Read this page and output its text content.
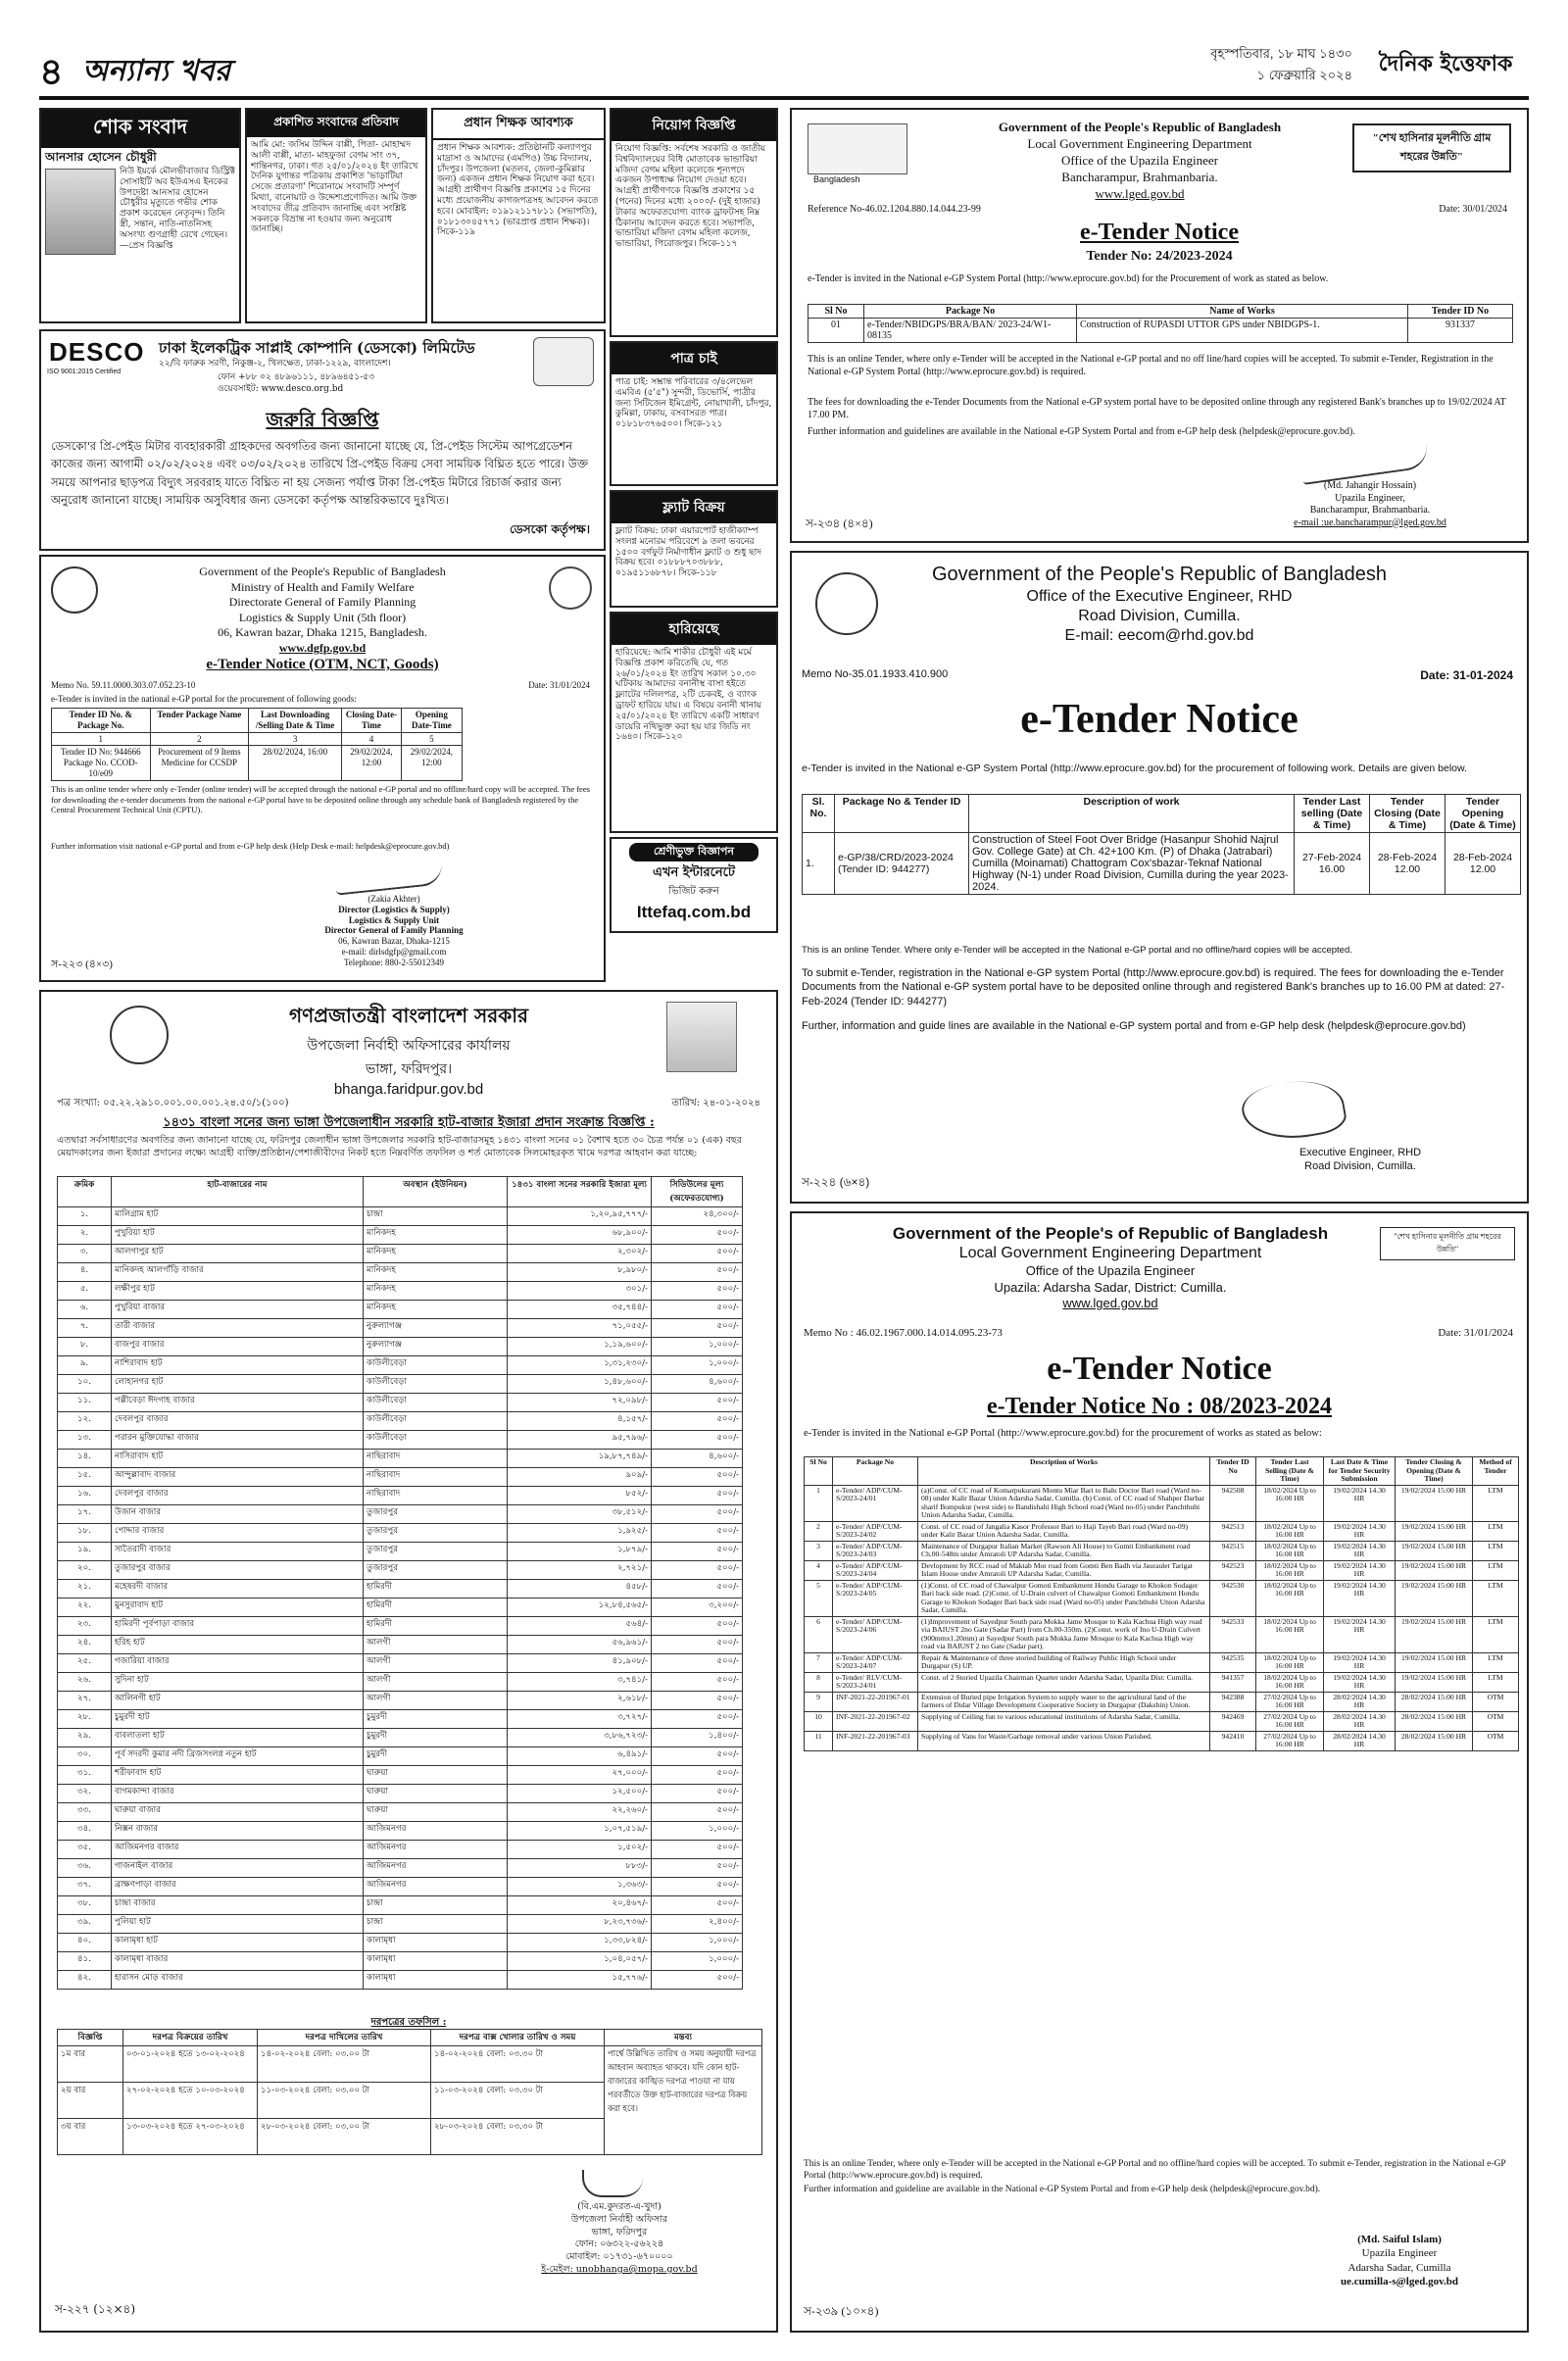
৪ অন্যান্য খবর
বৃহস্পতিবার, ১৮ মাঘ ১৪৩০
১ ফেব্রুয়ারি ২০২৪	দৈনিক ইত্তেফাক
শোক সংবাদ
আনসার হোসেন চৌধুরী
নিউ ইয়র্কে মৌলভীবাজার ডিস্ট্রিক্ট সোসাইটি অব ইউএসএ ইনকের উপদেষ্টা আনসার হোসেন চৌধুরীর মৃত্যুতে গভীর শোক প্রকাশ করেছেন নেতৃবৃন্দ। তিনি স্ত্রী, সন্তান, নাতি-নাতনিসহ অসংখ্য গুণগ্রাহী রেখে গেছেন। —প্রেস বিজ্ঞপ্তি
প্রকাশিত সংবাদের প্রতিবাদ
আমি মো: জসিম উদ্দিন বাপ্পী, পিতা- মোহাম্মদ আলী বাপ্পী, মাতা- মাহফুজা বেগম সাং ৩৭, শান্তিনগর, ঢাকা। গত ২৫/০১/২০২৪ ইং তারিখে দৈনিক যুগান্তর পত্রিকায় প্রকাশিত 'ভাড়াটিয়া সেজে প্রতারণা' শিরোনামে সংবাদটি সম্পূর্ণ মিথ্যা, বানোয়াট ও উদ্দেশ্যপ্রণোদিত। আমি উক্ত সংবাদের তীব্র প্রতিবাদ জানাচ্ছি এবং সংশ্লিষ্ট সকলকে বিভ্রান্ত না হওয়ার জন্য অনুরোধ জানাচ্ছি।
প্রধান শিক্ষক আবশ্যক
প্রধান শিক্ষক আবশ্যক: প্রতিষ্ঠানটি কল্যাণপুর মাদ্রাসা ও আমাদের (এমপিও) উচ্চ বিদ্যালয়, চাঁদপুর। উপজেলা (মতলব, জেলা-কুমিল্লার জন্য) একজন প্রধান শিক্ষক নিয়োগ করা হবে। আগ্রহী প্রার্থীগণ বিজ্ঞপ্তি প্রকাশের ১৫ দিনের মধ্যে প্রয়োজনীয় কাগজপত্রসহ আবেদন করতে হবে। মোবাইল: ০১৯১২১১৭৮১১ (সভাপতি), ০১৮১৩০৪৫৭৭১ (ভারপ্রাপ্ত প্রধান শিক্ষক)। সিকে-১১৯
নিয়োগ বিজ্ঞপ্তি
নিয়োগ বিজ্ঞপ্তি: সর্বশেষ সরকারি ও জাতীয় বিশ্ববিদ্যালয়ের বিধি মোতাবেক ভান্ডারিয়া মজিদা বেগম মহিলা কলেজে শূন্যপদে একজন উপাধ্যক্ষ নিয়োগ দেওয়া হবে। আগ্রহী প্রার্থীগণকে বিজ্ঞপ্তি প্রকাশের ১৫ (পনের) দিনের মধ্যে ২০০০/- (দুই হাজার) টাকার অফেরতযোগ্য ব্যাংক ড্রাফটসহ নিম্ন ঠিকানায় আবেদন করতে হবে। সভাপতি, ভান্ডারিয়া মজিদা বেগম মহিলা কলেজ, ভান্ডারিয়া, পিরোজপুর। সিকে-১১৭
DESCO
ISO 9001:2015 Certified
ঢাকা ইলেকট্রিক সাপ্লাই কোম্পানি (ডেসকো) লিমিটেড
২২/বি ফারুক সরণী, নিকুঞ্জ-২, খিলক্ষেত, ঢাকা-১২২৯, বাংলাদেশ।
ফোন +৮৮ ০২ ৪৮৯৬১১১, ৪৮৯৬৪৫১-৫৩
ওয়েবসাইট: www.desco.org.bd
জরুরি বিজ্ঞপ্তি
ডেসকো'র প্রি-পেইড মিটার ব্যবহারকারী গ্রাহকদের অবগতির জন্য জানানো যাচ্ছে যে, প্রি-পেইড সিস্টেম আপগ্রেডেশন কাজের জন্য আগামী ০২/০২/২০২৪ এবং ০৩/০২/২০২৪ তারিখে প্রি-পেইড বিক্রয় সেবা সাময়িক বিঘ্নিত হতে পারে। উক্ত সময়ে আপনার ছাড়পত্র বিদ্যুৎ সরবরাহ যাতে বিঘ্নিত না হয় সেজন্য পর্যাপ্ত টাকা প্রি-পেইড মিটারে রিচার্জ করার জন্য অনুরোধ জানানো যাচ্ছে। সাময়িক অসুবিধার জন্য ডেসকো কর্তৃপক্ষ আন্তরিকভাবে দুঃখিত।
ডেসকো কর্তৃপক্ষ।
পাত্র চাই
পাত্র চাই: সম্ভ্রান্ত পরিবারের ৩/৪লেভেল এমবিএ (৫'৫") সুন্দরী, ডিভোর্সি, পাত্রীর জন্য সিটিজেন ইমিগ্রেন্ট, নোয়াখালী, চাঁদপুর, কুমিল্লা, ঢাকায়, বসবাসরত পাত্র। ০১৮১৮৩৭৬৫০০। সিকে-১২১
ফ্ল্যাট বিক্রয়
ফ্ল্যাট বিক্রয়: ঢাকা এয়ারপোর্ট হাজীক্যাম্প সংলগ্ন মনোরম পরিবেশে ৯ তলা ভবনের ১৫০০ বর্গফুট নির্মাণাধীন ফ্ল্যাট ও শুধু ছাদ বিক্রয় হবে। ০১৮৮৮৭০৩৮৮৮, ০১৯৫১১৬৮৭৮। সিকে-১১৮
হারিয়েছে
হারিয়েছে: আমি শাকীর চৌধুরী এই মর্মে বিজ্ঞপ্তি প্রকাশ করিতেছি যে, গত ২৬/০১/২০২৪ ইং তারিখ সকাল ১০.৩০ ঘটিকায় আমাদের বনানীস্থ বাসা হইতে ফ্ল্যাটের দলিলপত্র, ২টি চেকবই, ও ব্যাংক ড্রাফট হারিয়ে যায়। এ বিষয়ে বনানী থানায় ২৫/০১/২০২৪ ইং তারিখে একটি সাধারণ ডায়েরি নথিভুক্ত করা হয় যার জিডি নং ১৬৪০। সিকে-১২০
শ্রেণীভুক্ত বিজ্ঞাপন
এখন ইন্টারনেটে
ভিজিট করুন
Ittefaq.com.bd
Government of the People's Republic of Bangladesh
Ministry of Health and Family Welfare
Directorate General of Family Planning
Logistics & Supply Unit (5th floor)
06, Kawran bazar, Dhaka 1215, Bangladesh.
www.dgfp.gov.bd
e-Tender Notice (OTM, NCT, Goods)
Memo No. 59.11.0000.303.07.052.23-10	Date: 31/01/2024
e-Tender is invited in the national e-GP portal for the procurement of following goods:
Tender ID No. & Package No.	Tender Package Name	Last Downloading /Selling Date & Time	Closing Date-Time	Opening Date-Time
1	2	3	4	5
Tender ID No: 944666 Package No. CCOD-10/e09	Procurement of 9 Items Medicine for CCSDP	28/02/2024, 16:00	29/02/2024, 12:00	29/02/2024, 12:00
This is an online tender where only e-Tender (online tender) will be accepted through the national e-GP portal and no offline/hard copy will be accepted. The fees for downloading the e-tender documents from the national e-GP portal have to be deposited online through any schedule bank of Bangladesh registered by the Central Procurement Technical Unit (CPTU).
Further information visit national e-GP portal and from e-GP help desk (Help Desk e-mail: helpdesk@eprocure.gov.bd)
(Zakia Akhter)
Director (Logistics & Supply)
Logistics & Supply Unit
Director General of Family Planning
06, Kawran Bazar, Dhaka-1215
e-mail: dirlsdgfp@gmail.com
Telephone: 880-2-55012349
স-২২৩ (৪×৩)
গণপ্রজাতন্ত্রী বাংলাদেশ সরকার
উপজেলা নির্বাহী অফিসারের কার্যালয়
ভাঙ্গা, ফরিদপুর।
bhanga.faridpur.gov.bd
পত্র সংখ্যা: ০৫.২২.২৯১০.০০১.০০.০০১.২৪.৫০/১(১০০)	তারিখ: ২৪-০১-২০২৪
১৪৩১ বাংলা সনের জন্য ভাঙ্গা উপজেলাধীন সরকারি হাট-বাজার ইজারা প্রদান সংক্রান্ত বিজ্ঞপ্তি :
এতদ্বারা সর্বসাধারণের অবগতির জন্য জানানো যাচ্ছে যে, ফরিদপুর জেলাধীন ভাঙ্গা উপজেলার সরকারি হাট-বাজারসমূহ ১৪৩১ বাংলা সনের ০১ বৈশাখ হতে ৩০ চৈত্র পর্যন্ত ০১ (এক) বছর মেয়াদকালের জন্য ইজারা প্রদানের লক্ষ্যে আগ্রহী ব্যক্তি/প্রতিষ্ঠান/পেশাজীবীদের নিকট হতে নিম্নবর্ণিত তফসিল ও শর্ত মোতাবেক সিলমোহরকৃত খামে দরপত্র আহবান করা যাচ্ছে:
ক্রমিক	হাট-বাজারের নাম	অবস্থান (ইউনিয়ন)	১৪৩১ বাংলা সনের সরকারি ইজারা মূল্য	সিডিউলের মূল্য (অফেরতযোগ্য)
১.	মালিগ্রাম হাট	চান্দ্রা	১,২০,৯৫,৭৭৭/-	২৪,৩০০/-
২.	পুখুরিয়া হাট	মানিকদহ	৬৮,৯০০/-	৫০০/-
৩.	আলগাপুর হাট	মানিকদহ	২,৩০২/-	৫০০/-
৪.	মানিকদহ আলগাঁড়ি বাজার	মানিকদহ	৮,৯৮০/-	৫০০/-
৫.	লক্ষীপুর হাট	মানিকদহ	৩০১/-	৫০০/-
৬.	পুখুরিয়া বাজার	মানিকদহ	৩৫,৭৪৪/-	৫০০/-
৭.	তারী বাজার	নুরুল্যাগঞ্জ	৭১,০৫৫/-	৫০০/-
৮.	বাজপুর বাজার	নুরুল্যাগঞ্জ	১,১৯,৬০০/-	১,০০০/-
৯.	নাশিরাবাদ হাট	কাউলীবেড়া	১,৩১,২৩০/-	১,০০০/-
১০.	লোহানগর হাট	কাউলীবেড়া	১,৪৮,৬০০/-	৪,৬০০/-
১১.	পল্লীবেড়া ঈদগাহ বাজার	কাউলীবেড়া	৭২,০৯৮/-	৫০০/-
১২.	দেবলপুর বাজার	কাউলীবেড়া	৪,১৫৭/-	৫০০/-
১৩.	পরারন মুক্তিযোদ্ধা বাজার	কাউলীবেড়া	৯৫,৭৯৬/-	৫০০/-
১৪.	নাসিরাবাদ হাট	নাছিরাবাদ	১৯,৮৭,৭৪৯/-	৪,৬০০/-
১৫.	আন্দুল্লাবাদ বাজার	নাছিরাবাদ	৯০৯/-	৫০০/-
১৬.	দেবলপুর বাজার	নাছিরাবাদ	৮৫২/-	৫০০/-
১৭.	উজান বাজার	তুজারপুর	৩৮,৫১২/-	৫০০/-
১৮.	পোদ্দার বাজার	তুজারপুর	১,৯২৫/-	৫০০/-
১৯.	সাতৈরাদী বাজার	তুজারপুর	১,৮৭৯/-	৫০০/-
২০.	তুজারপুর বাজার	তুজারপুর	২,৭২১/-	৫০০/-
২১.	মহেষরদী বাজার	হামিরদী	৪৫৮/-	৫০০/-
২২.	মুনসুরাবাদ হাট	হামিরদী	১২,৮৪,৫৬৫/-	৩,২০০/-
২৩.	হামিরদী পূর্বপাড়া বাজার	হামিরদী	৫৬৪/-	৫০০/-
২৪.	হরিহ হাট	আলগী	৫৬,৯৬১/-	৫০০/-
২৫.	গজারিয়া বাজার	আলগী	৪১,৯০৮/-	৫০০/-
২৬.	সুদিনা হাট	আলগী	৩,৭৪১/-	৫০০/-
২৭.	আলিনগী হাট	আলগী	২,৬১৮/-	৫০০/-
২৮.	চুমুরদী হাট	চুমুরদী	৩,৭২৭/-	৫০০/-
২৯.	বাবলাতলা হাট	চুমুরদী	৩,৮৬,৭২৩/-	১,৪০০/-
৩০.	পূর্ব সদরদী কুমার নদী ব্রিজসংলগ্ন নতুন হাট	চুমুরদী	৬,৪৯১/-	৫০০/-
৩১.	শরীফাবাদ হাট	ঘারুয়া	২৭,০০০/-	৫০০/-
৩২.	বাগমকান্দা বাজার	ঘারুয়া	১২,৫০০/-	৫০০/-
৩৩.	ঘারুয়া বাজার	ঘারুয়া	২২,২৬০/-	৫০০/-
৩৪.	নিক্সন বাজার	আজিমনগর	১,০৭,৫১৯/-	১,০০০/-
৩৫.	আজিমনগর বাজার	আজিমনগর	১,৫০২/-	৫০০/-
৩৬.	গাজনাইল বাজার	আজিমনগর	৮৮৩/-	৫০০/-
৩৭.	ব্রাক্ষণপাড়া বাজার	আজিমনগর	১,৩৬৩/-	৫০০/-
৩৮.	চান্দ্রা বাজার	চান্দ্রা	২০,৪৬৭/-	৫০০/-
৩৯.	পুলিয়া হাট	চান্দ্রা	৮,২৩,৭৩৬/-	২,৪০০/-
৪০.	কালামৃধা হাট	কালামৃধা	১,৩৩,৮২৪/-	১,০০০/-
৪১.	কালামৃধা বাজার	কালামৃধা	১,০৪,০৫৭/-	১,০০০/-
৪২.	হারাসন মোড় বাজার	কালামৃধা	১৫,৭৭৬/-	৫০০/-
দরপত্রের তফসিল :
বিজ্ঞপ্তি	দরপত্র বিক্রয়ের তারিখ	দরপত্র দাখিলের তারিখ	দরপত্র বাক্স খোলার তারিখ ও সময়	মন্তব্য
১ম বার	০৩-০১-২০২৪ হতে ১৩-০২-২০২৪	১৪-০২-২০২৪ বেলা: ০৩.০০ টা	১৪-০২-২০২৪ বেলা: ০৩.৩০ টা	পার্শ্বে উল্লিখিত তারিখ ও সময় অনুযায়ী দরপত্র আহবান অব্যাহত থাকবে। যদি কোন হাট-বাজারের কাঙ্খিত দরপত্র পাওয়া না যায় পরবর্তীতে উক্ত হাট-বাজারের দরপত্র বিক্রয় করা হবে।
২য় বার	২৭-০২-২০২৪ হতে ১০-০৩-২০২৪	১১-০৩-২০২৪ বেলা: ০৩.০০ টা	১১-০৩-২০২৪ বেলা: ০৩.৩০ টা	
৩য় বার	১৩-০৩-২০২৪ হতে ২৭-০৩-২০২৪	২৮-০৩-২০২৪ বেলা: ০৩.০০ টা	২৮-০৩-২০২৪ বেলা: ০৩.৩০ টা	
(বি.এম.কুদরত-এ-খুদা)
উপজেলা নির্বাহী অফিসার
ভাঙ্গা, ফরিদপুর
ফোন: ০৬৩২২-৫৬২২৪
মোবাইল: ০১৭৩১-৬৭০০০০
ই-মেইল: unobhanga@mopa.gov.bd
স-২২৭ (১২×৪)
Bangladesh
Government of the People's Republic of Bangladesh
Local Government Engineering Department
Office of the Upazila Engineer
Bancharampur, Brahmanbaria.
www.lged.gov.bd
"শেখ হাসিনার মূলনীতি গ্রাম শহরের উন্নতি"
Reference No-46.02.1204.880.14.044.23-99	Date: 30/01/2024
e-Tender Notice
Tender No: 24/2023-2024
e-Tender is invited in the National e-GP System Portal (http://www.eprocure.gov.bd) for the Procurement of work as stated as below.
Sl No	Package No	Name of Works	Tender ID No
01	e-Tender/NBIDGPS/BRA/BAN/ 2023-24/W1-08135	Construction of RUPASDI UTTOR GPS under NBIDGPS-1.	931337
This is an online Tender, where only e-Tender will be accepted in the National e-GP portal and no off line/hard copies will be accepted. To submit e-Tender, Registration in the National e-GP System Portal (http://www.eprocure.gov.bd) is required.
The fees for downloading the e-Tender Documents from the National e-GP system portal have to be deposited online through any registered Bank's branches up to 19/02/2024 AT 17.00 PM.
Further information and guidelines are available in the National e-GP System Portal and from e-GP help desk (helpdesk@eprocure.gov.bd).
(Md. Jahangir Hossain)
Upazila Engineer,
Bancharampur, Brahmanbaria.
e-mail :ue.bancharampur@lged.gov.bd
স-২৩৪ (৪×৪)
Government of the People's Republic of Bangladesh
Office of the Executive Engineer, RHD
Road Division, Cumilla.
E-mail: eecom@rhd.gov.bd
Memo No-35.01.1933.410.900	Date: 31-01-2024
e-Tender Notice
e-Tender is invited in the National e-GP System Portal (http://www.eprocure.gov.bd) for the procurement of following work. Details are given below.
Sl. No.	Package No & Tender ID	Description of work	Tender Last selling (Date & Time)	Tender Closing (Date & Time)	Tender Opening (Date & Time)
1.	e-GP/38/CRD/2023-2024 (Tender ID: 944277)	Construction of Steel Foot Over Bridge (Hasanpur Shohid Najrul Gov. College Gate) at Ch. 42+100 Km. (P) of Dhaka (Jatrabari) Cumilla (Moinamati) Chattogram Cox'sbazar-Teknaf National Highway (N-1) under Road Division, Cumilla during the year 2023-2024.	27-Feb-2024 16.00	28-Feb-2024 12.00	28-Feb-2024 12.00
This is an online Tender. Where only e-Tender will be accepted in the National e-GP portal and no offline/hard copies will be accepted.
To submit e-Tender, registration in the National e-GP system Portal (http://www.eprocure.gov.bd) is required. The fees for downloading the e-Tender Documents from the National e-GP system portal have to be deposited online through and registered Bank's branches up to 16.00 PM at dated: 27-Feb-2024 (Tender ID: 944277)
Further, information and guide lines are available in the National e-GP system portal and from e-GP help desk (helpdesk@eprocure.gov.bd)
Executive Engineer, RHD
Road Division, Cumilla.
স-২২৪ (৬×৪)
Government of the People's of Republic of Bangladesh
Local Government Engineering Department
Office of the Upazila Engineer
Upazila: Adarsha Sadar, District: Cumilla.
www.lged.gov.bd
"শেখ হাসিনার মূলনীতি গ্রাম শহরের উন্নতি"
Memo No : 46.02.1967.000.14.014.095.23-73	Date: 31/01/2024
e-Tender Notice
e-Tender Notice No : 08/2023-2024
e-Tender is invited in the National e-GP Portal (http://www.eprocure.gov.bd) for the procurement of works as stated as below:
Sl No	Package No	Description of Works	Tender ID No	Tender Last Selling (Date & Time)	Last Date & Time for Tender Security Submission	Tender Closing & Opening (Date & Time)	Method of Tender
1	e-Tender/ ADP/CUM-S/2023-24/01	(a)Const. of CC road of Komarpukurani Montu Miar Bari to Balu Doctor Bari road (Ward no-08) under Kalir Bazar Union Adarsha Sadar, Cumilla. (b) Const. of CC road of Shahper Darbar sharif Bompukur (west side) to Bandishahi High School road (Ward no-05) under Panchthubi Union Adarsha Sadar, Cumilla.	942508	18/02/2024 Up to 16:00 HR	19/02/2024 14.30 HR	19/02/2024 15:00 HR	LTM
2	e-Tender/ ADP/CUM-S/2023-24/02	Const. of CC road of Jangalia Kasor Professor Bari to Haji Tayeb Bari road (Ward no-09) under Kalir Bazar Union Adarsha Sadar, Cumilla.	942513	18/02/2024 Up to 16:00 HR	19/02/2024 14.30 HR	19/02/2024 15:00 HR	LTM
3	e-Tender/ ADP/CUM-S/2023-24/03	Maintenance of Durgapur Italian Market (Rawson Ali House) to Gumti Embankment road Ch.00-548m under Amratoli UP Adarsha Sadar, Cumilla.	942515	18/02/2024 Up to 16:00 HR	19/02/2024 14.30 HR	19/02/2024 15.00 HR	LTM
4	e-Tender/ ADP/CUM-S/2023-24/04	Devlopment by RCC road of Maktab Mor road from Gomti Ben Badh via Jauraulet Tarigat Islam House under Amratoli UP Adarsha Sadar, Cumilla.	942523	18/02/2024 Up to 16:00 HR	19/02/2024 14.30 HR	19/02/2024 15:00 HR	LTM
5	e-Tender/ ADP/CUM-S/2023-24/05	(1)Const. of CC road of Chawalpur Gomoti Embankment Hondu Garage to Khokon Sodager Bari back side road. (2)Const. of U-Drain culvert of Chawalpur Gomoti Embankment Hondu Garage to Khokon Sodager Bari back side road (Ward no-05) under Panchthubi Union Adarsha Sadar, Cumilla.	942530	18/02/2024 Up to 16:00 HR	19/02/2024 14.30 HR	19/02/2024 15:00 HR	LTM
6	e-Tender/ ADP/CUM-S/2023-24/06	(1)Improvement of Sayedpur South para Mokka Jame Mosque to Kala Kachua High way road via BAIUST 2no Gate (Sadar Part) from Ch.00-350m. (2)Const. work of Ino U-Drain Culvert (900mmx1.20mm) at Sayedpur South para Mokka Jame Mosque to Kala Kachua High way road via BAIUST 2 no Gate (Sadar part).	942533	18/02/2024 Up to 16:00 HR	19/02/2024 14.30 HR	19/02/2024 15.00 HR	LTM
7	e-Tender/ ADP/CUM-S/2023-24/07	Repair & Maintenance of three storied building of Railway Public High School under Durgapur (S) UP.	942535	18/02/2024 Up to 16:00 HR	19/02/2024 14.30 HR	19/02/2024 15.00 HR	LTM
8	e-Tender/ RLV/CUM-S/2023-24/01	Const. of 2 Storied Upazila Chairman Quarter under Adarsha Sadar, Upazila Dist: Cumilla.	941357	18/02/2024 Up to 16:00 HR	19/02/2024 14.30 HR	19/02/2024 15:00 HR	LTM
9	INF-2021-22-201967-01	Extension of Buried pipe Irrigation System to supply water to the agricultural land of the farmers of Didar Village Development Cooperative Society in Durgapur (Dakshin) Union.	942388	27/02/2024 Up to 16:00 HR	28/02/2024 14.30 HR	28/02/2024 15:00 HR	OTM
10	INF-2021-22-201967-02	Supplying of Ceiling fun to various educational institutions of Adarsha Sadar, Cumilla.	942469	27/02/2024 Up to 16:00 HR	28/02/2024 14.30 HR	28/02/2024 15:00 HR	OTM
11	INF-2021-22-201967-03	Supplying of Vans for Waste/Garbage removal under various Union Parished.	942410	27/02/2024 Up to 16:00 HR	28/02/2024 14.30 HR	28/02/2024 15:00 HR	OTM
This is an online Tender, where only e-Tender will be accepted in the National e-GP Portal and no offline/hard copies will be accepted. To submit e-Tender, registration in the National e-GP Portal (http://www.eprocure.gov.bd) is required.
Further information and guideline are available in the National e-GP System Portal and from e-GP help desk (helpdesk@eprocure.gov.bd).
(Md. Saiful Islam)
Upazila Engineer
Adarsha Sadar, Cumilla
ue.cumilla-s@lged.gov.bd
স-২৩৯ (১০×৪)
